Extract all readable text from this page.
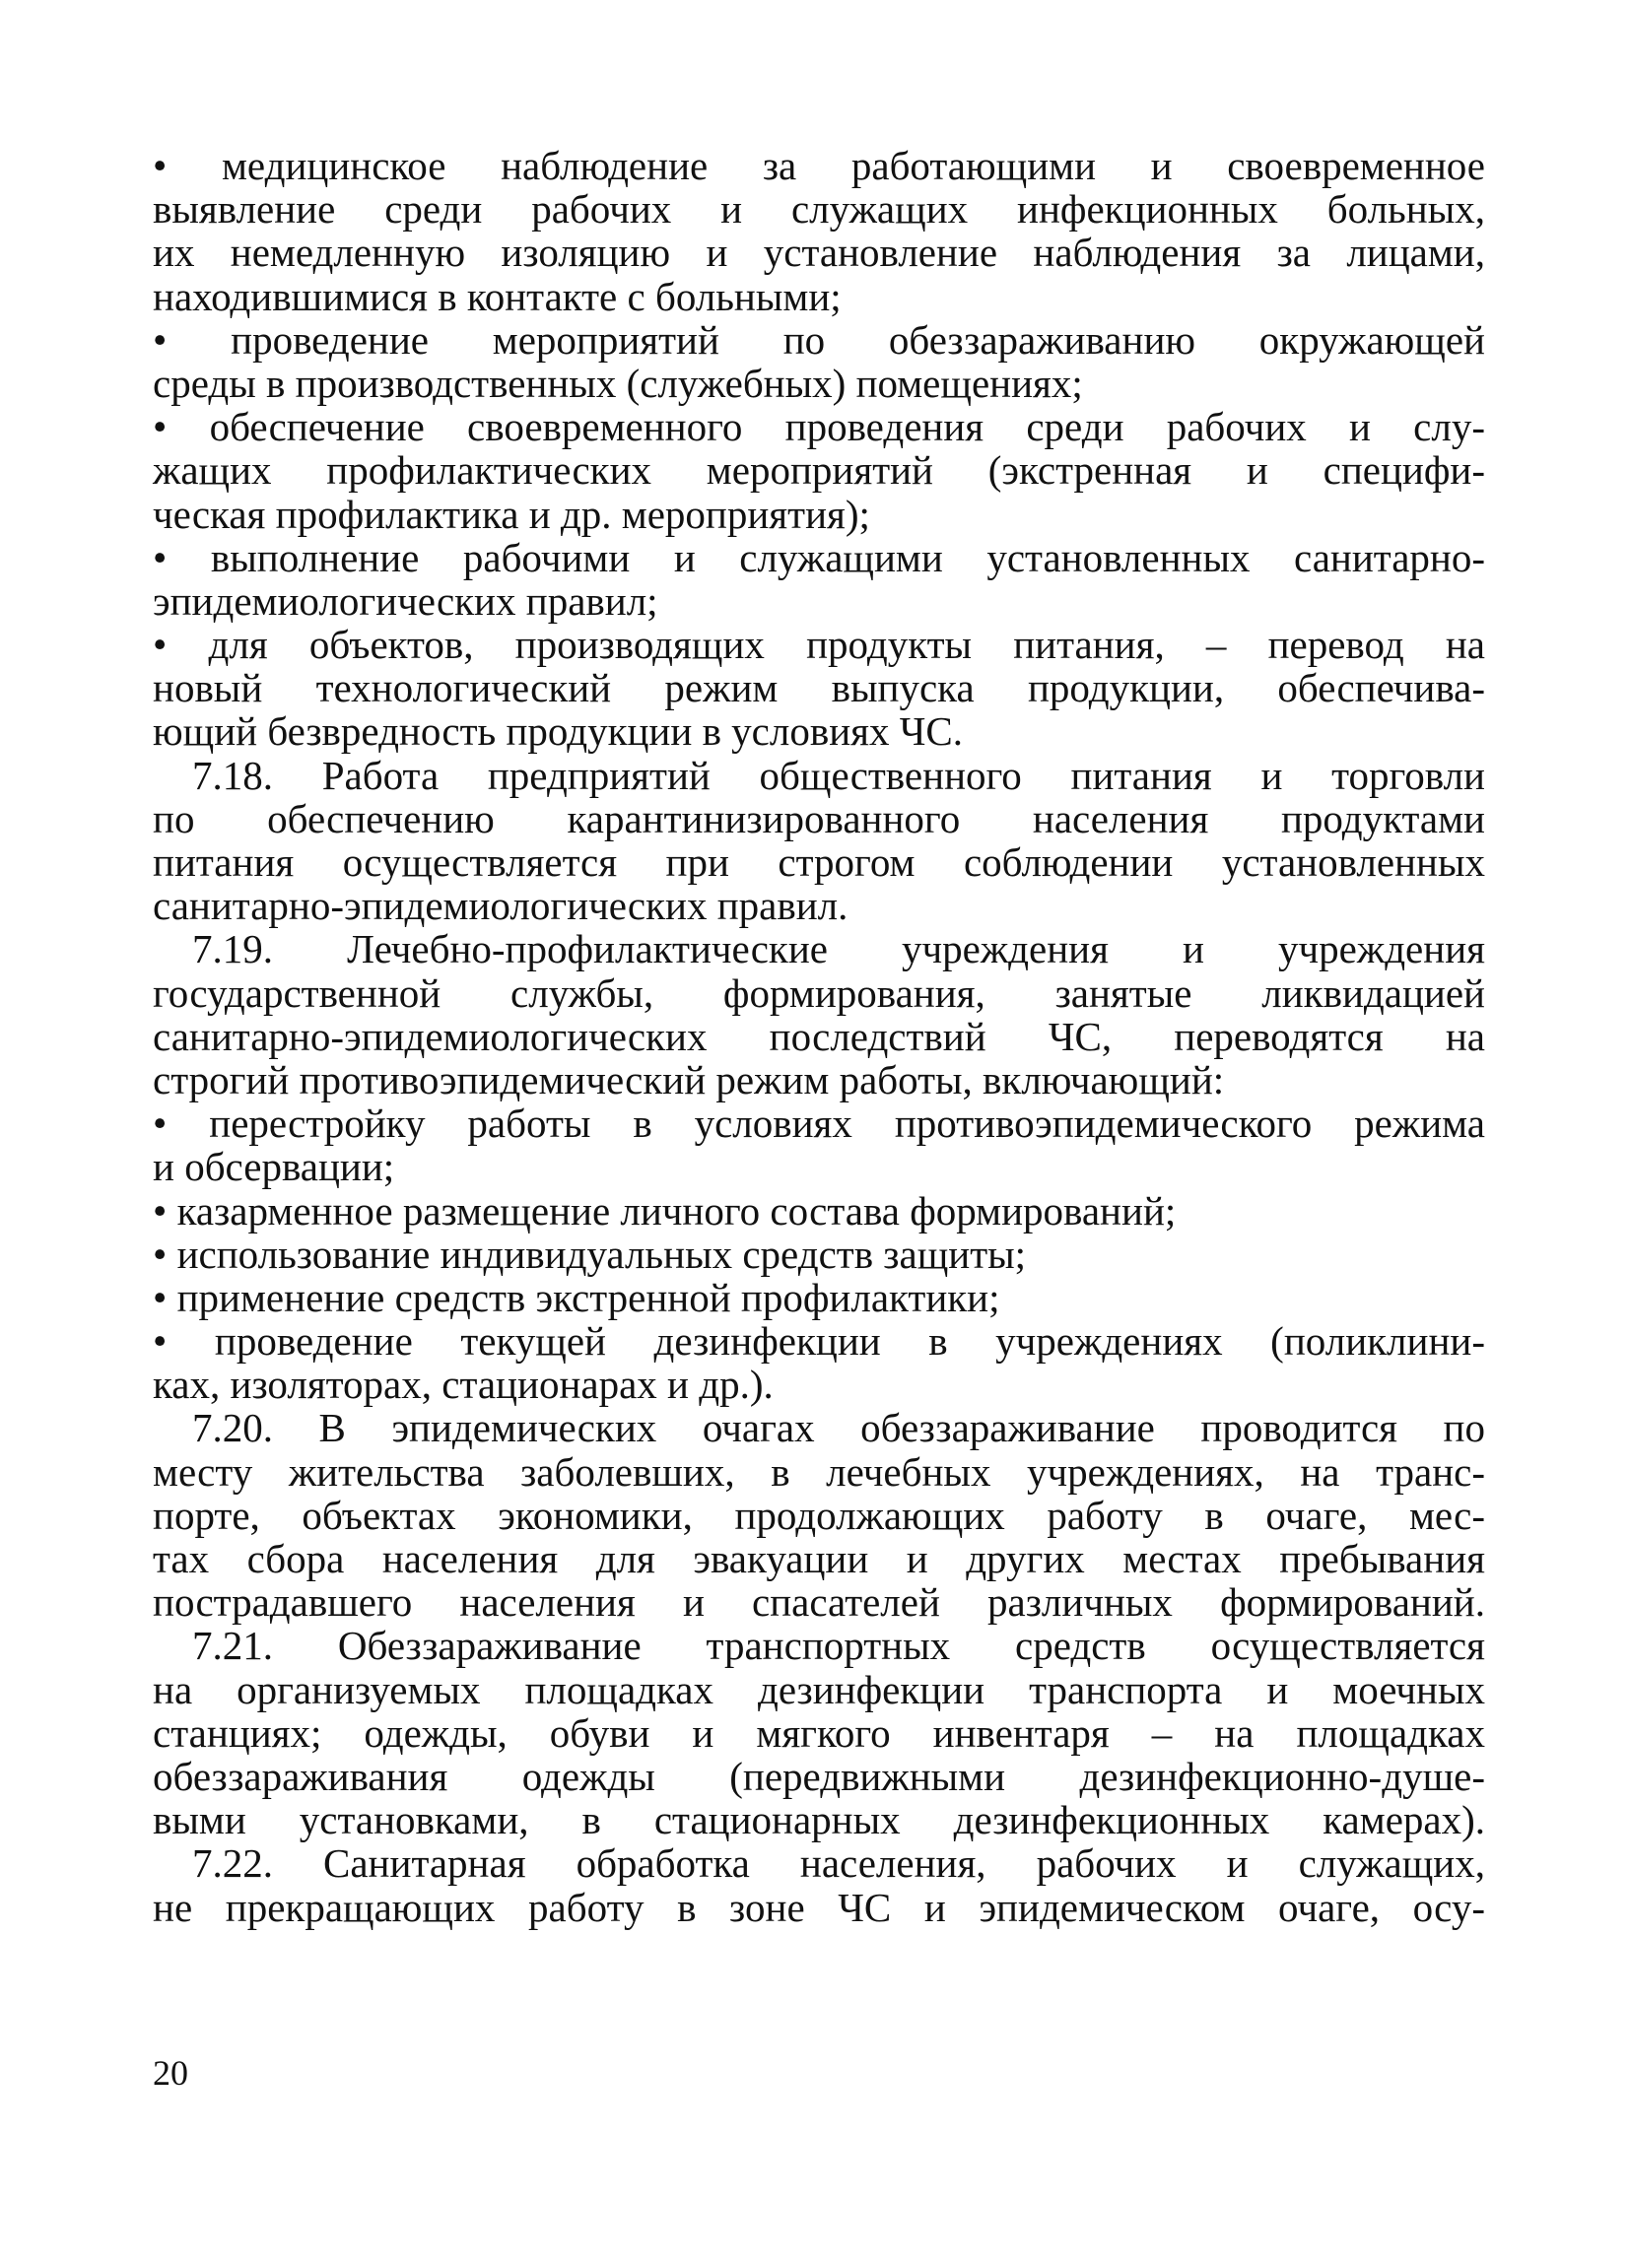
• медицинское наблюдение за работающими и своевременное
выявление среди рабочих и служащих инфекционных больных,
их немедленную изоляцию и установление наблюдения за лицами,
находившимися в контакте с больными;
• проведение мероприятий по обеззараживанию окружающей
среды в производственных (служебных) помещениях;
• обеспечение своевременного проведения среди рабочих и слу-
жащих профилактических мероприятий (экстренная и специфи-
ческая профилактика и др. мероприятия);
• выполнение рабочими и служащими установленных санитарно-
эпидемиологических правил;
• для объектов, производящих продукты питания, – перевод на
новый технологический режим выпуска продукции, обеспечива-
ющий безвредность продукции в условиях ЧС.
7.18. Работа предприятий общественного питания и торговли
по обеспечению карантинизированного населения продуктами
питания осуществляется при строгом соблюдении установленных
санитарно-эпидемиологических правил.
7.19. Лечебно-профилактические учреждения и учреждения
государственной службы, формирования, занятые ликвидацией
санитарно-эпидемиологических последствий ЧС, переводятся на
строгий противоэпидемический режим работы, включающий:
• перестройку работы в условиях противоэпидемического режима
и обсервации;
• казарменное размещение личного состава формирований;
• использование индивидуальных средств защиты;
• применение средств экстренной профилактики;
• проведение текущей дезинфекции в учреждениях (поликлини-
ках, изоляторах, стационарах и др.).
7.20. В эпидемических очагах обеззараживание проводится по
месту жительства заболевших, в лечебных учреждениях, на транс-
порте, объектах экономики, продолжающих работу в очаге, мес-
тах сбора населения для эвакуации и других местах пребывания
пострадавшего населения и спасателей различных формирований.
7.21. Обеззараживание транспортных средств осуществляется
на организуемых площадках дезинфекции транспорта и моечных
станциях; одежды, обуви и мягкого инвентаря – на площадках
обеззараживания одежды (передвижными дезинфекционно-душе-
выми установками, в стационарных дезинфекционных камерах).
7.22. Санитарная обработка населения, рабочих и служащих,
не прекращающих работу в зоне ЧС и эпидемическом очаге, осу-
20
